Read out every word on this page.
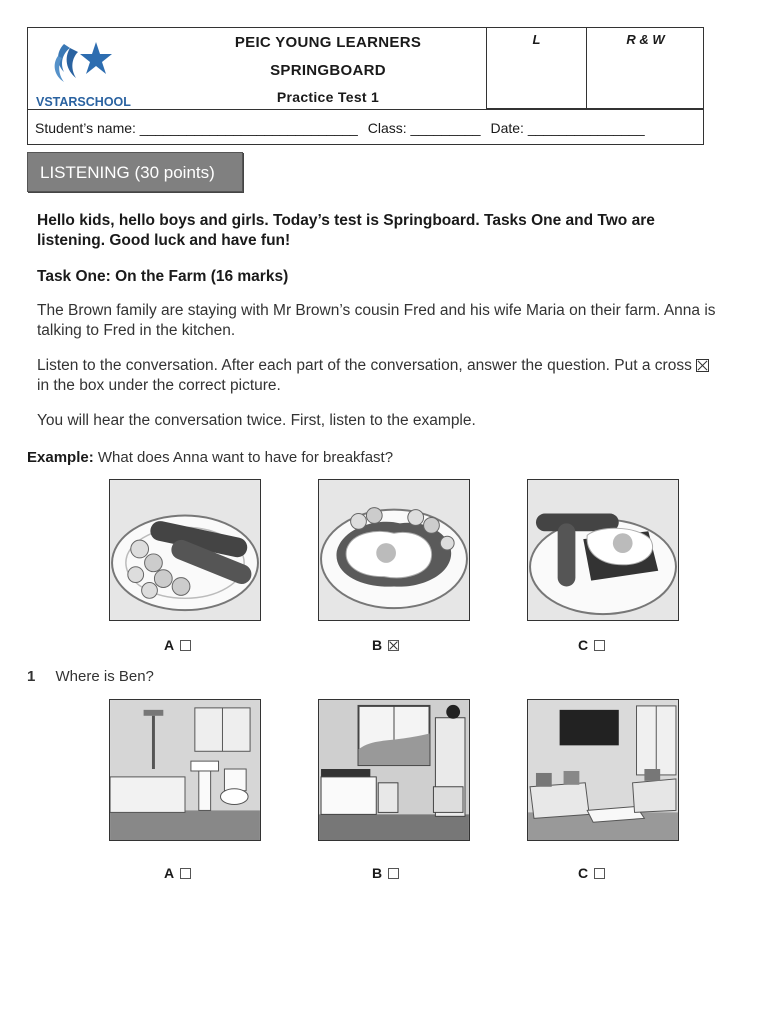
VSTARSCHOOL
PEIC YOUNG LEARNERS
SPRINGBOARD
Practice Test 1
L	R & W
Student’s name: ____________________________ Class: _________ Date: _______________
LISTENING (30 points)
Hello kids, hello boys and girls. Today’s test is Springboard. Tasks One and Two are listening. Good luck and have fun!
Task One: On the Farm (16 marks)
The Brown family are staying with Mr Brown’s cousin Fred and his wife Maria on their farm. Anna is talking to Fred in the kitchen.
Listen to the conversation. After each part of the conversation, answer the question. Put a cross  in the box under the correct picture.
You will hear the conversation twice. First, listen to the example.
Example: What does Anna want to have for breakfast?
A	B	C
1 Where is Ben?
A	B	C
